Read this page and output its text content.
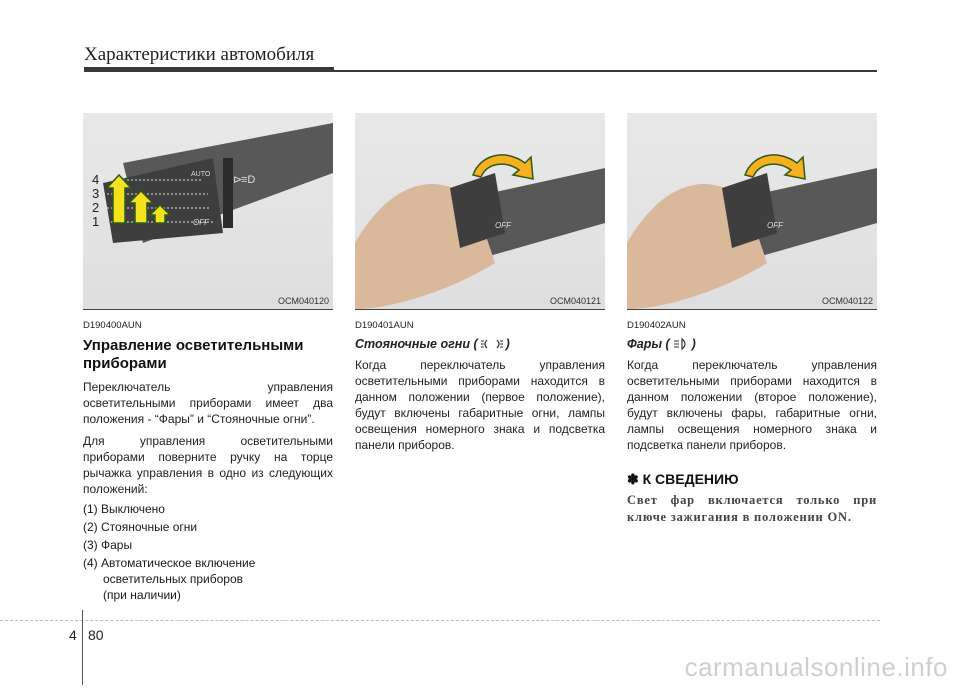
Характеристики автомобиля
4
3
2
1
AUTO
OFF
⊳
≡D
OCM040120
D190400AUN
Управление осветительными приборами
Переключатель управления осветительными приборами имеет два положения - “Фары” и “Стояночные огни”.
Для управления осветительными приборами поверните ручку на торце рычажка управления в одно из следующих положений:
(1) Выключено
(2) Стояночные огни
(3) Фары
(4) Автоматическое включение
осветительных приборов
(при наличии)
OFF
OCM040121
D190401AUN
Стояночные огни ( )
Когда переключатель управления осветительными приборами находится в данном положении (первое положение), будут включены габаритные огни, лампы освещения номерного знака и подсветка панели приборов.
OFF
OCM040122
D190402AUN
Фары ( )
Когда переключатель управления осветительными приборами находится в данном положении (второе положение), будут включены фары, габаритные огни, лампы освещения номерного знака и подсветка панели приборов.
✽ К СВЕДЕНИЮ
Свет фар включается только при ключе зажигания в положении ON.
4 80
carmanualsonline.info
